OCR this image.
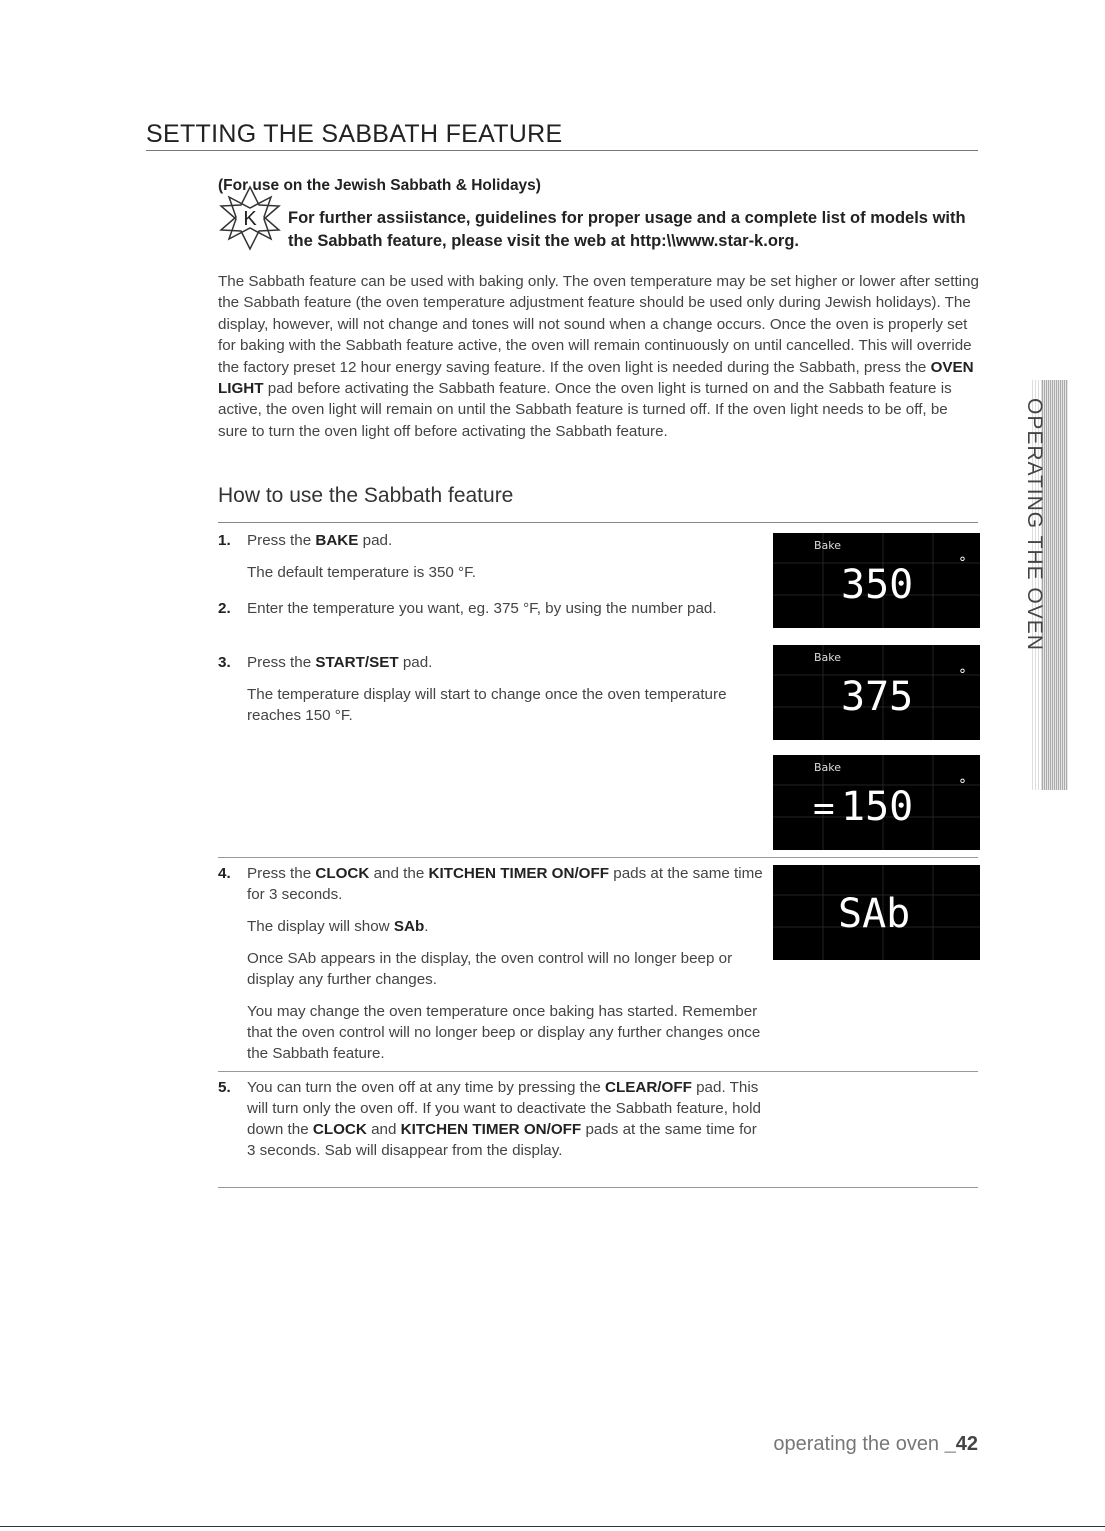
SETTING THE SABBATH FEATURE
(For use on the Jewish Sabbath & Holidays)
K For further assiistance, guidelines for proper usage and a complete list of models with the Sabbath feature, please visit the web at http:\\www.star-k.org.

The Sabbath feature can be used with baking only. The oven temperature may be set higher or lower after setting the Sabbath feature (the oven temperature adjustment feature should be used only during Jewish holidays). The display, however, will not change and tones will not sound when a change occurs. Once the oven is properly set for baking with the Sabbath feature active, the oven will remain continuously on until cancelled. This will override the factory preset 12 hour energy saving feature. If the oven light is needed during the Sabbath, press the OVEN LIGHT pad before activating the Sabbath feature. Once the oven light is turned on and the Sabbath feature is active, the oven light will remain on until the Sabbath feature is turned off. If the oven light needs to be off, be sure to turn the oven light off before activating the Sabbath feature.

How to use the Sabbath feature
1. Press the BAKE pad.

The default temperature is 350 °F.

2. Enter the temperature you want, eg. 375 °F, by using the number pad.

3. Press the START/SET pad.

The temperature display will start to change once the oven temperature reaches 150 °F.

4. Press the CLOCK and the KITCHEN TIMER ON/OFF pads at the same time for 3 seconds.

The display will show SAb.

Once SAb appears in the display, the oven control will no longer beep or display any further changes.

You may change the oven temperature once baking has started. Remember that the oven control will no longer beep or display any further changes once the Sabbath feature.

5. You can turn the oven off at any time by pressing the CLEAR/OFF pad. This will turn only the oven off. If you want to deactivate the Sabbath feature, hold down the CLOCK and KITCHEN TIMER ON/OFF pads at the same time for 3 seconds. Sab will disappear from the display.

Bake
350	°
Bake
375	°
Bake
= 150	°
SAb
OPERATING THE OVEN
operating the oven _42
